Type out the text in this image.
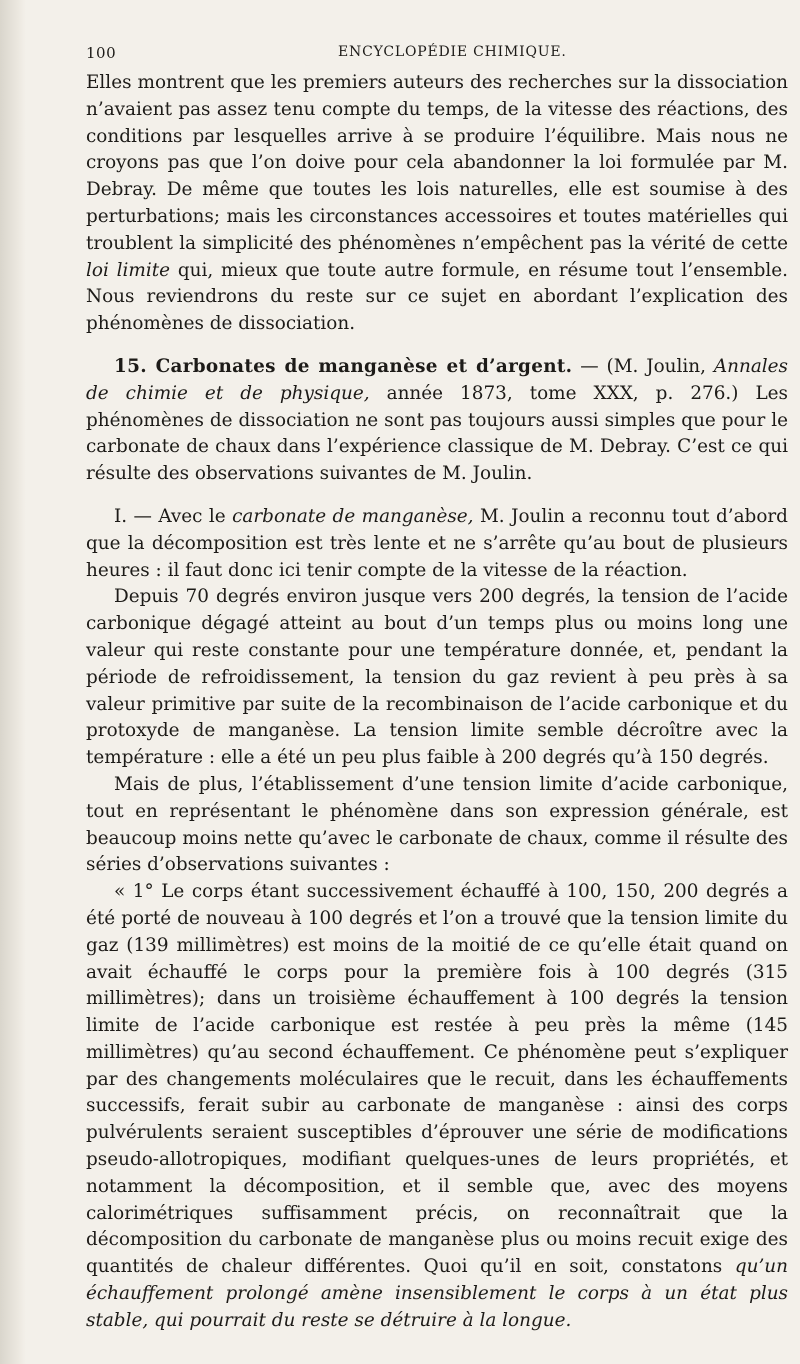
100	ENCYCLOPÉDIE CHIMIQUE.

Elles montrent que les premiers auteurs des recherches sur la dissociation n’avaient pas assez tenu compte du temps, de la vitesse des réactions, des conditions par lesquelles arrive à se produire l’équilibre. Mais nous ne croyons pas que l’on doive pour cela abandonner la loi formulée par M. Debray. De même que toutes les lois naturelles, elle est soumise à des perturbations; mais les circonstances accessoires et toutes matérielles qui troublent la simplicité des phénomènes n’empêchent pas la vérité de cette loi limite qui, mieux que toute autre formule, en résume tout l’ensemble. Nous reviendrons du reste sur ce sujet en abordant l’explication des phénomènes de dissociation.

15. Carbonates de manganèse et d’argent. — (M. Joulin, Annales de chimie et de physique, année 1873, tome XXX, p. 276.) Les phénomènes de dissociation ne sont pas toujours aussi simples que pour le carbonate de chaux dans l’expérience classique de M. Debray. C’est ce qui résulte des observations suivantes de M. Joulin.

I. — Avec le carbonate de manganèse, M. Joulin a reconnu tout d’abord que la décomposition est très lente et ne s’arrête qu’au bout de plusieurs heures : il faut donc ici tenir compte de la vitesse de la réaction.

Depuis 70 degrés environ jusque vers 200 degrés, la tension de l’acide carbonique dégagé atteint au bout d’un temps plus ou moins long une valeur qui reste constante pour une température donnée, et, pendant la période de refroidissement, la tension du gaz revient à peu près à sa valeur primitive par suite de la recombinaison de l’acide carbonique et du protoxyde de manganèse. La tension limite semble décroître avec la température : elle a été un peu plus faible à 200 degrés qu’à 150 degrés.

Mais de plus, l’établissement d’une tension limite d’acide carbonique, tout en représentant le phénomène dans son expression générale, est beaucoup moins nette qu’avec le carbonate de chaux, comme il résulte des séries d’observations suivantes :

« 1° Le corps étant successivement échauffé à 100, 150, 200 degrés a été porté de nouveau à 100 degrés et l’on a trouvé que la tension limite du gaz (139 millimètres) est moins de la moitié de ce qu’elle était quand on avait échauffé le corps pour la première fois à 100 degrés (315 millimètres); dans un troisième échauffement à 100 degrés la tension limite de l’acide carbonique est restée à peu près la même (145 millimètres) qu’au second échauffement. Ce phénomène peut s’expliquer par des changements moléculaires que le recuit, dans les échauffements successifs, ferait subir au carbonate de manganèse : ainsi des corps pulvérulents seraient susceptibles d’éprouver une série de modifications pseudo-allotropiques, modifiant quelques-unes de leurs propriétés, et notamment la décomposition, et il semble que, avec des moyens calorimétriques suffisamment précis, on reconnaîtrait que la décomposition du carbonate de manganèse plus ou moins recuit exige des quantités de chaleur différentes. Quoi qu’il en soit, constatons qu’un échauffement prolongé amène insensiblement le corps à un état plus stable, qui pourrait du reste se détruire à la longue.
